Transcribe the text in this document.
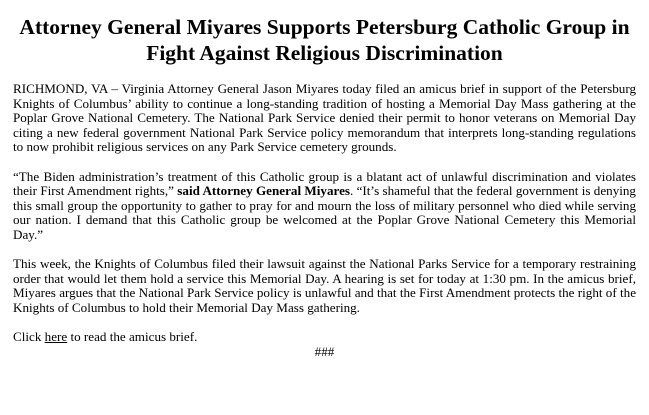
Attorney General Miyares Supports Petersburg Catholic Group in Fight Against Religious Discrimination

RICHMOND, VA – Virginia Attorney General Jason Miyares today filed an amicus brief in support of the Petersburg Knights of Columbus’ ability to continue a long-standing tradition of hosting a Memorial Day Mass gathering at the Poplar Grove National Cemetery. The National Park Service denied their permit to honor veterans on Memorial Day citing a new federal government National Park Service policy memorandum that interprets long-standing regulations to now prohibit religious services on any Park Service cemetery grounds.

“The Biden administration’s treatment of this Catholic group is a blatant act of unlawful discrimination and violates their First Amendment rights,” said Attorney General Miyares. “It’s shameful that the federal government is denying this small group the opportunity to gather to pray for and mourn the loss of military personnel who died while serving our nation. I demand that this Catholic group be welcomed at the Poplar Grove National Cemetery this Memorial Day.”

This week, the Knights of Columbus filed their lawsuit against the National Parks Service for a temporary restraining order that would let them hold a service this Memorial Day. A hearing is set for today at 1:30 pm. In the amicus brief, Miyares argues that the National Park Service policy is unlawful and that the First Amendment protects the right of the Knights of Columbus to hold their Memorial Day Mass gathering.

Click here to read the amicus brief.

###
